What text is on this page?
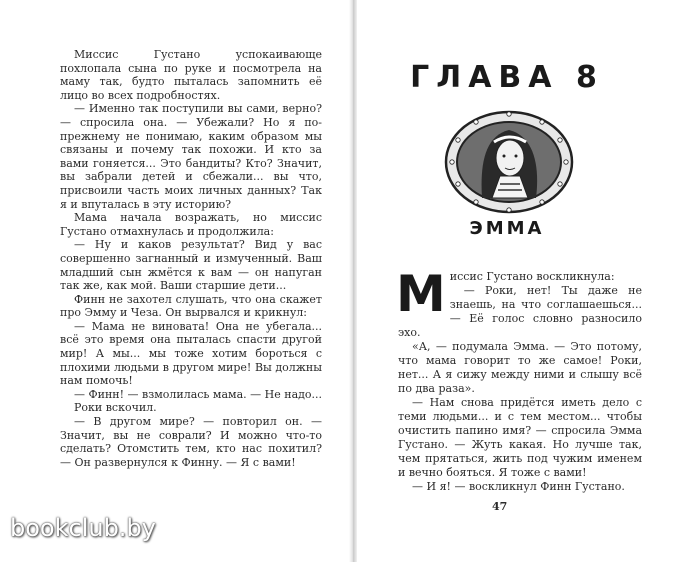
Миссис Густано успокаивающе похлопала сына по руке и посмотрела на маму так, будто пыталась запомнить её лицо во всех подробностях.

— Именно так поступили вы сами, верно? — спросила она. — Убежали? Но я по-прежнему не понимаю, каким образом мы связаны и почему так похожи. И кто за вами гоняется... Это бандиты? Кто? Значит, вы забрали детей и сбежали... вы что, присвоили часть моих личных данных? Так я и впуталась в эту историю?

Мама начала возражать, но миссис Густано отмахнулась и продолжила:

— Ну и каков результат? Вид у вас совершенно загнанный и измученный. Ваш младший сын жмётся к вам — он напуган так же, как мой. Ваши старшие дети...

Финн не захотел слушать, что она скажет про Эмму и Чеза. Он вырвался и крикнул:

— Мама не виновата! Она не убегала... всё это время она пыталась спасти другой мир! А мы... мы тоже хотим бороться с плохими людьми в другом мире! Вы должны нам помочь!

— Финн! — взмолилась мама. — Не надо...

Роки вскочил.

— В другом мире? — повторил он. — Значит, вы не соврали? И можно что-то сделать? Отомстить тем, кто нас похитил? — Он развернулся к Финну. — Я с вами!

ГЛАВА 8
ЭММА

Миссис Густано воскликнула:

— Роки, нет! Ты даже не знаешь, на что соглашаешься... — Её голос словно разносило эхо.

«А, — подумала Эмма. — Это потому, что мама говорит то же самое! Роки, нет... А я сижу между ними и слышу всё по два раза».

— Нам снова придётся иметь дело с теми людьми... и с тем местом... чтобы очистить папино имя? — спросила Эмма Густано. — Жуть какая. Но лучше так, чем прятаться, жить под чужим именем и вечно бояться. Я тоже с вами!

— И я! — воскликнул Финн Густано.

47
bookclub.by
